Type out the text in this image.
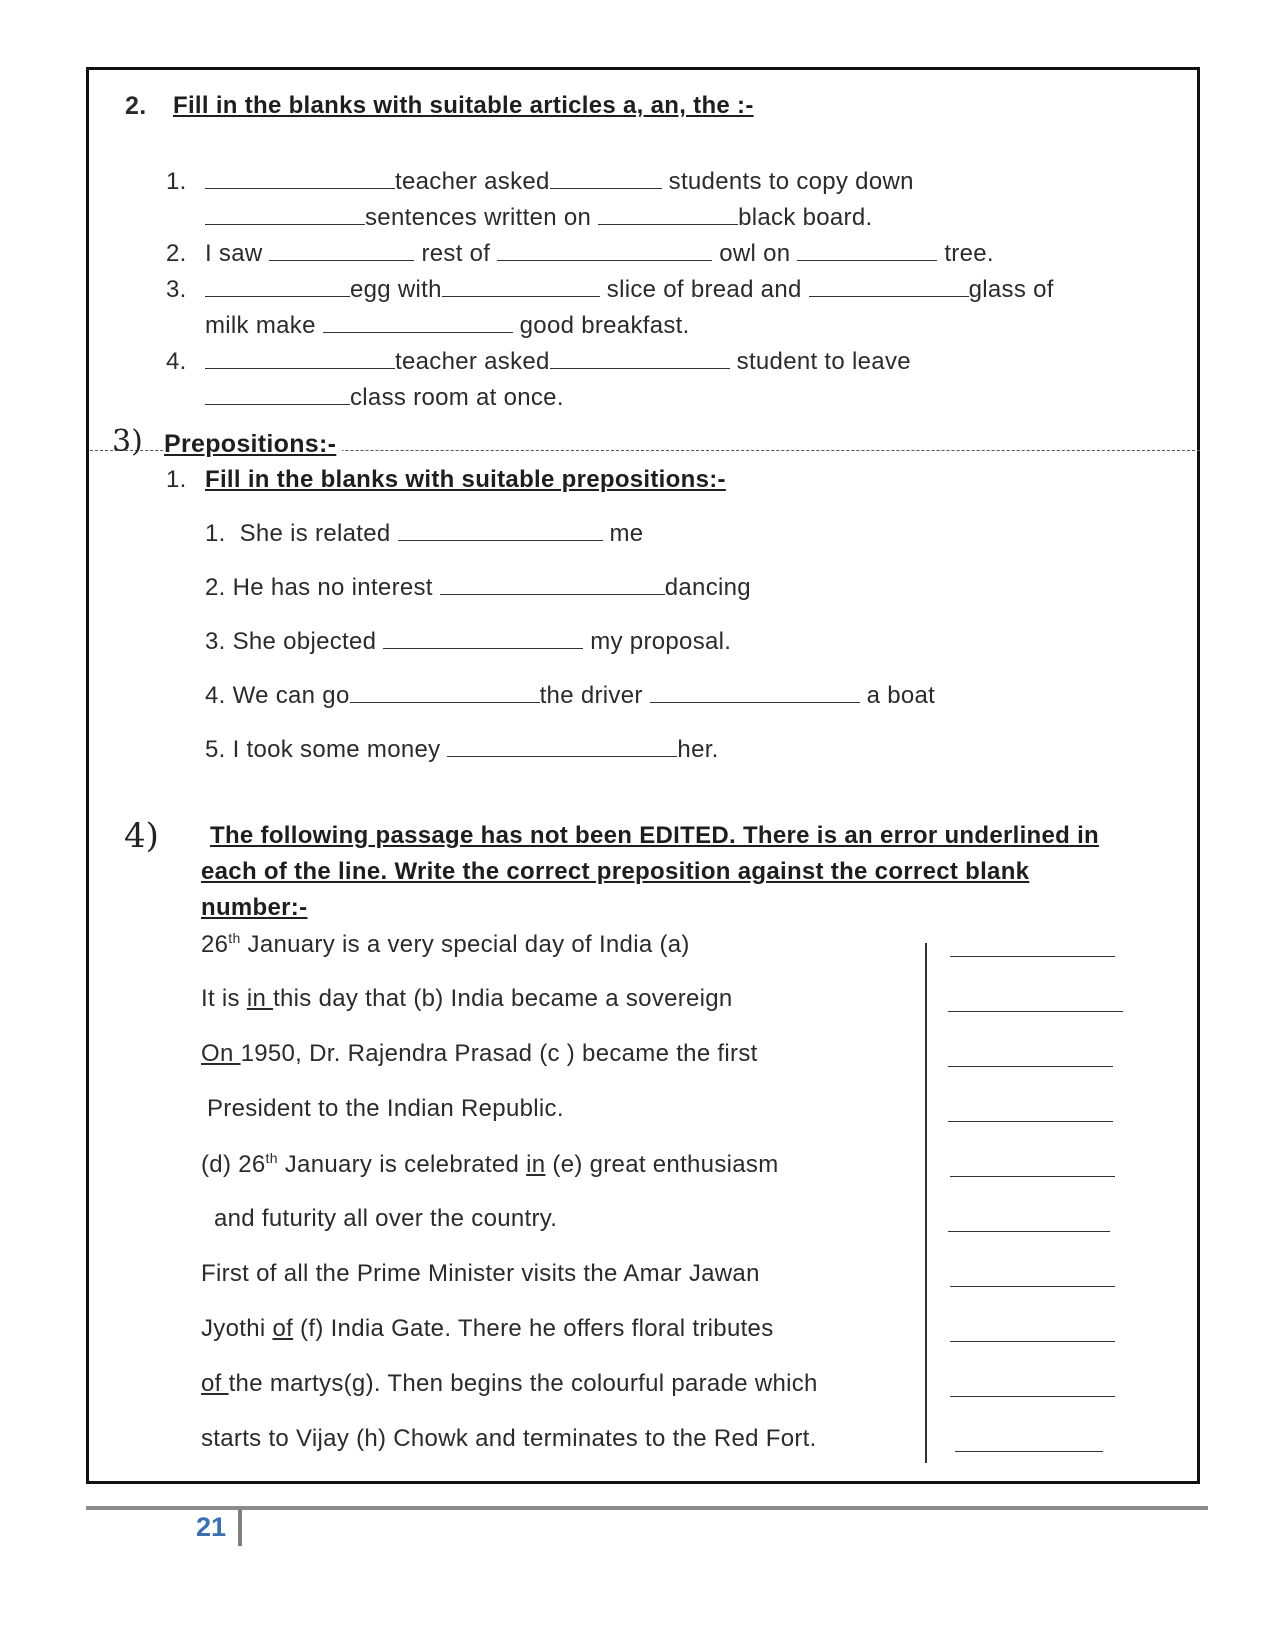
2. Fill in the blanks with suitable articles a, an, the :-
1.	teacher asked	students to copy down
sentences written on	black board.
2. I saw	rest of	owl on	tree.
3.	egg with	slice of bread and	glass of
milk make	good breakfast.
4.	teacher asked	student to leave
class room at once.
3) Prepositions:-
1. Fill in the blanks with suitable prepositions:-
1. She is related	me
2. He has no interest	dancing
3. She objected	my proposal.
4. We can go	the driver	a boat
5. I took some money	her.
4) The following passage has not been EDITED. There is an error underlined in
each of the line. Write the correct preposition against the correct blank
number:-
26th January is a very special day of India (a)
It is in this day that (b) India became a sovereign
On 1950, Dr. Rajendra Prasad (c ) became the first
President to the Indian Republic.
(d) 26th January is celebrated in (e) great enthusiasm
and futurity all over the country.
First of all the Prime Minister visits the Amar Jawan
Jyothi of (f) India Gate. There he offers floral tributes
of the martys(g). Then begins the colourful parade which
starts to Vijay (h) Chowk and terminates to the Red Fort.
21
